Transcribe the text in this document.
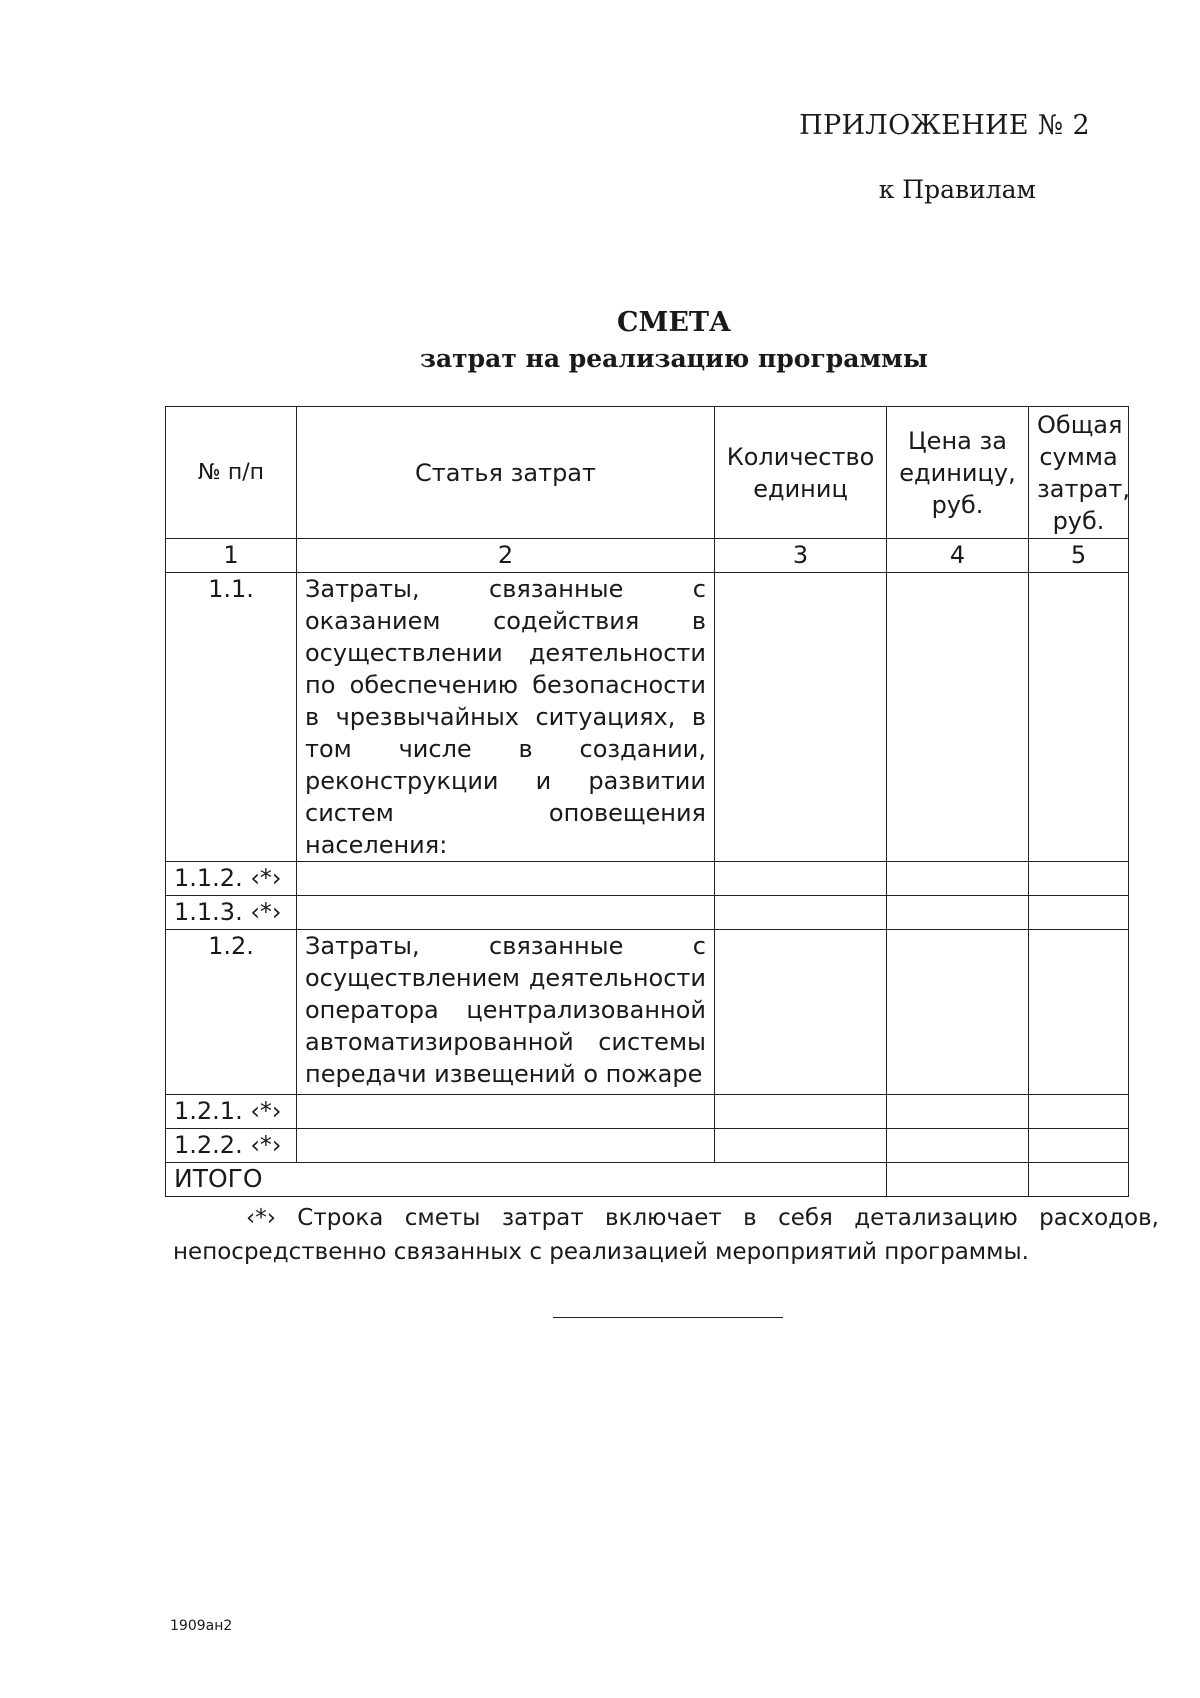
ПРИЛОЖЕНИЕ № 2
к Правилам
СМЕТА
затрат на реализацию программы
№ п/п	Статья затрат	Количество единиц	Цена за единицу, руб.	Общая сумма затрат, руб.
1	2	3	4	5
1.1.	Затраты, связанные с оказанием содействия в осуществлении деятельности по обеспечению безопасности в чрезвычайных ситуациях, в том числе в создании, реконструкции и развитии систем оповещения
населения:			

1.1.2. ‹*›				
1.1.3. ‹*›				
1.2.	Затраты, связанные с осуществлением деятельности оператора централизованной автоматизированной системы
передачи извещений о пожаре			

1.2.1. ‹*›				
1.2.2. ‹*›				
ИТОГО				
‹*› Строка сметы затрат включает в себя детализацию расходов,
непосредственно связанных с реализацией мероприятий программы.
1909ан2
